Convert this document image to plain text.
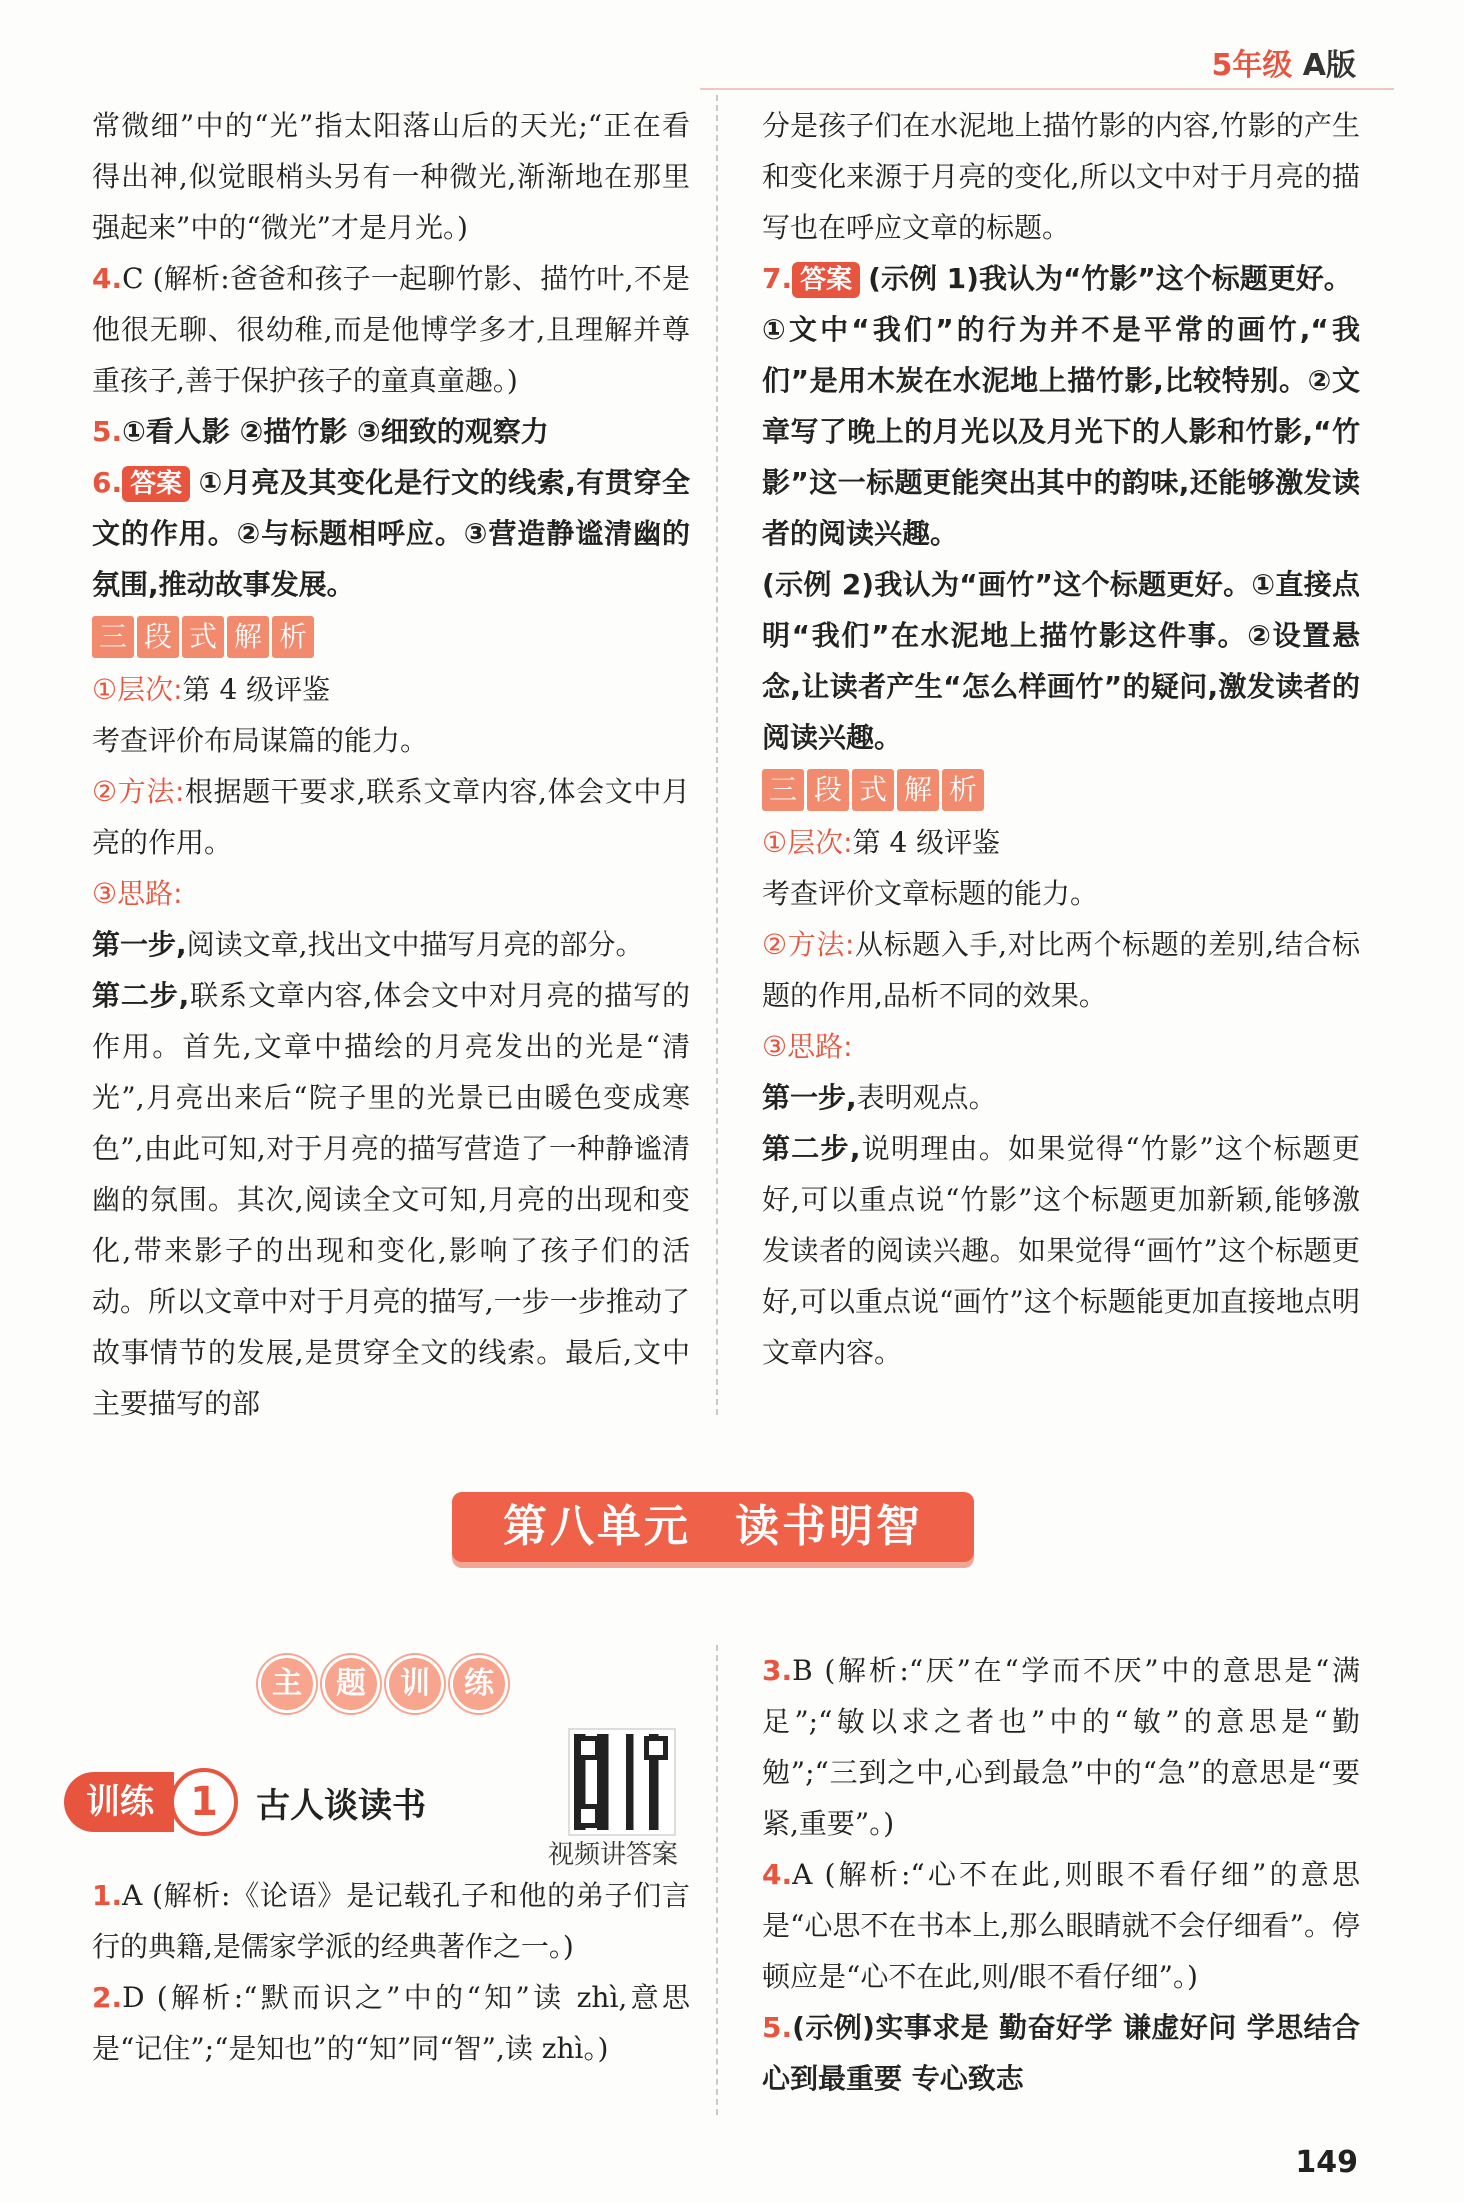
5年级 A版

常微细”中的“光”指太阳落山后的天光;“正在看得出神,似觉眼梢头另有一种微光,渐渐地在那里强起来”中的“微光”才是月光。)

4.C (解析:爸爸和孩子一起聊竹影、描竹叶,不是他很无聊、很幼稚,而是他博学多才,且理解并尊重孩子,善于保护孩子的童真童趣。)

5.①看人影 ②描竹影 ③细致的观察力

6. 答案 ①月亮及其变化是行文的线索,有贯穿全文的作用。②与标题相呼应。③营造静谧清幽的氛围,推动故事发展。

三 段 式 解 析

①层次:第 4 级评鉴

考查评价布局谋篇的能力。

②方法:根据题干要求,联系文章内容,体会文中月亮的作用。

③思路:

第一步,阅读文章,找出文中描写月亮的部分。

第二步,联系文章内容,体会文中对月亮的描写的作用。首先,文章中描绘的月亮发出的光是“清光”,月亮出来后“院子里的光景已由暖色变成寒色”,由此可知,对于月亮的描写营造了一种静谧清幽的氛围。其次,阅读全文可知,月亮的出现和变化,带来影子的出现和变化,影响了孩子们的活动。所以文章中对于月亮的描写,一步一步推动了故事情节的发展,是贯穿全文的线索。最后,文中主要描写的部

分是孩子们在水泥地上描竹影的内容,竹影的产生和变化来源于月亮的变化,所以文中对于月亮的描写也在呼应文章的标题。

7. 答案 (示例 1)我认为“竹影”这个标题更好。

①文中“我们”的行为并不是平常的画竹,“我们”是用木炭在水泥地上描竹影,比较特别。②文章写了晚上的月光以及月光下的人影和竹影,“竹影”这一标题更能突出其中的韵味,还能够激发读者的阅读兴趣。

(示例 2)我认为“画竹”这个标题更好。①直接点明“我们”在水泥地上描竹影这件事。②设置悬念,让读者产生“怎么样画竹”的疑问,激发读者的阅读兴趣。

三 段 式 解 析

①层次:第 4 级评鉴

考查评价文章标题的能力。

②方法:从标题入手,对比两个标题的差别,结合标题的作用,品析不同的效果。

③思路:

第一步,表明观点。

第二步,说明理由。如果觉得“竹影”这个标题更好,可以重点说“竹影”这个标题更加新颖,能够激发读者的阅读兴趣。如果觉得“画竹”这个标题更好,可以重点说“画竹”这个标题能更加直接地点明文章内容。

第八单元 读书明智
主	题	训	练
训练 1	古人谈读书
视频讲答案

1.A (解析:《论语》是记载孔子和他的弟子们言行的典籍,是儒家学派的经典著作之一。)

2.D (解析:“默而识之”中的“知”读 zhì,意思是“记住”;“是知也”的“知”同“智”,读 zhì。)

3.B (解析:“厌”在“学而不厌”中的意思是“满足”;“敏以求之者也”中的“敏”的意思是“勤勉”;“三到之中,心到最急”中的“急”的意思是“要紧,重要”。)

4.A (解析:“心不在此,则眼不看仔细”的意思是“心思不在书本上,那么眼睛就不会仔细看”。停顿应是“心不在此,则/眼不看仔细”。)

5.(示例)实事求是 勤奋好学 谦虚好问 学思结合 心到最重要 专心致志

149
